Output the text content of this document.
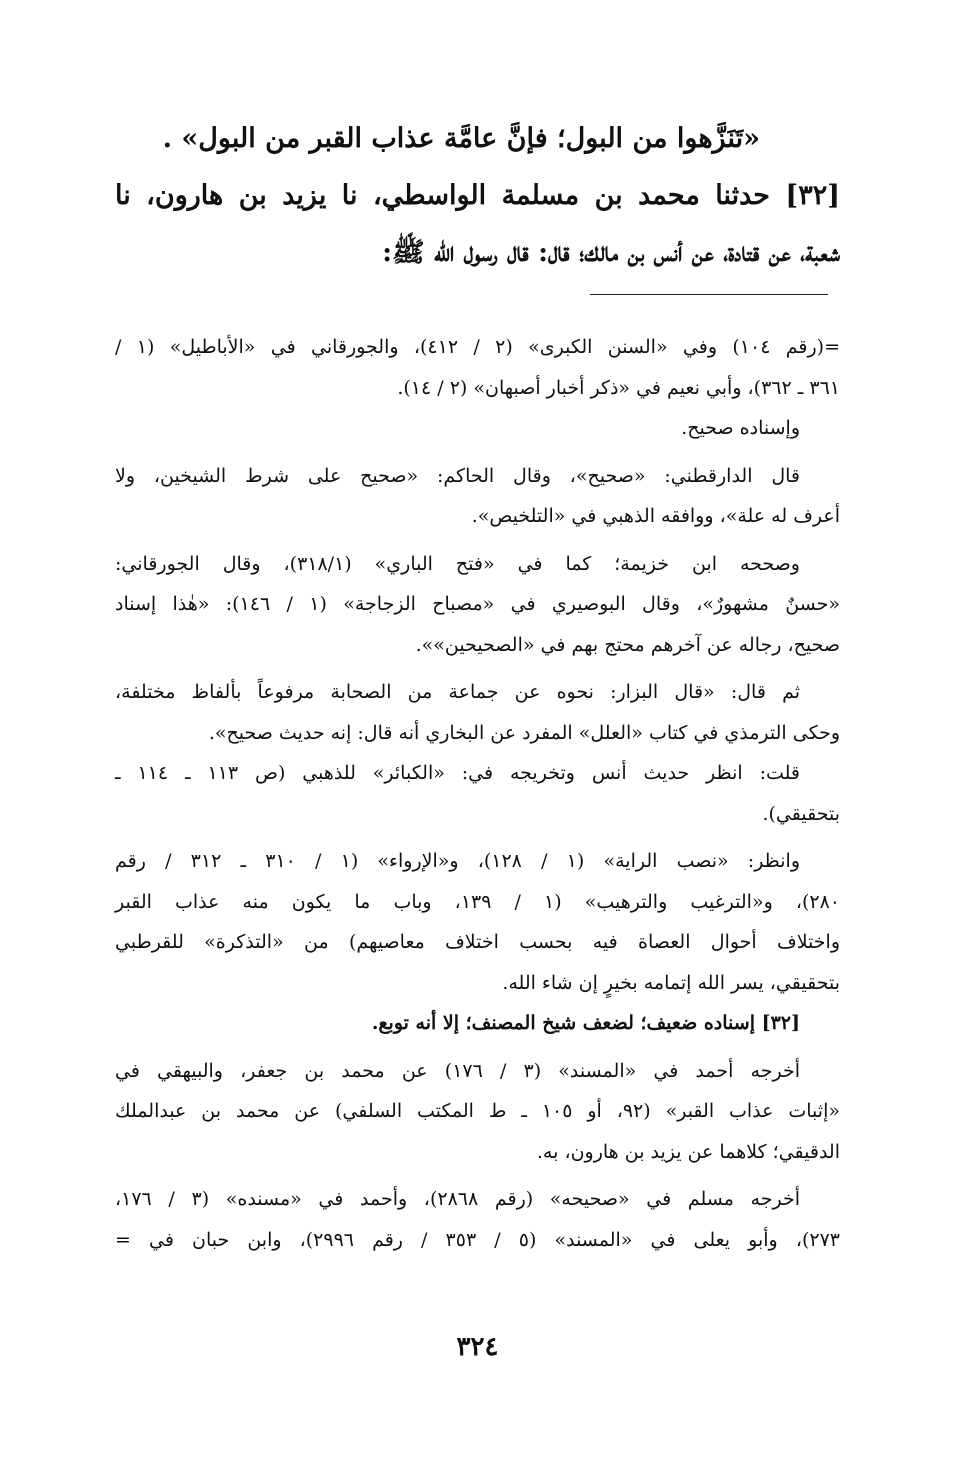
«تَنَزَّهوا من البول؛ فإنَّ عامَّة عذاب القبر من البول» .
[٣٢] حدثنا محمد بن مسلمة الواسطي، نا يزيد بن هارون، نا
شعبة، عن قتادة، عن أنس بن مالك؛ قال: قال رسول الله ﷺ:
=(رقم ١٠٤) وفي «السنن الكبرى» (٢ / ٤١٢)، والجورقاني في «الأباطيل» (١ /
٣٦١ ـ ٣٦٢)، وأبي نعيم في «ذكر أخبار أصبهان» (٢ / ١٤).
وإسناده صحيح.
قال الدارقطني: «صحيح»، وقال الحاكم: «صحيح على شرط الشيخين، ولا
أعرف له علة»، ووافقه الذهبي في «التلخيص».
وصححه ابن خزيمة؛ كما في «فتح الباري» (٣١٨/١)، وقال الجورقاني:
«حسنٌ مشهورٌ»، وقال البوصيري في «مصباح الزجاجة» (١ / ١٤٦): «هٰذا إسناد
صحيح، رجاله عن آخرهم محتج بهم في «الصحيحين»».
ثم قال: «قال البزار: نحوه عن جماعة من الصحابة مرفوعاً بألفاظ مختلفة،
وحكى الترمذي في كتاب «العلل» المفرد عن البخاري أنه قال: إنه حديث صحيح».
قلت: انظر حديث أنس وتخريجه في: «الكبائر» للذهبي (ص ١١٣ ـ ١١٤ ـ
بتحقيقي).
وانظر: «نصب الراية» (١ / ١٢٨)، و«الإرواء» (١ / ٣١٠ ـ ٣١٢ / رقم
٢٨٠)، و«الترغيب والترهيب» (١ / ١٣٩، وباب ما يكون منه عذاب القبر
واختلاف أحوال العصاة فيه بحسب اختلاف معاصيهم) من «التذكرة» للقرطبي
بتحقيقي، يسر الله إتمامه بخيرٍ إن شاء الله.
[٣٢] إسناده ضعيف؛ لضعف شيخ المصنف؛ إلا أنه توبع.
أخرجه أحمد في «المسند» (٣ / ١٧٦) عن محمد بن جعفر، والبيهقي في
«إثبات عذاب القبر» (٩٢، أو ١٠٥ ـ ط المكتب السلفي) عن محمد بن عبدالملك
الدقيقي؛ كلاهما عن يزيد بن هارون، به.
أخرجه مسلم في «صحيحه» (رقم ٢٨٦٨)، وأحمد في «مسنده» (٣ / ١٧٦،
٢٧٣)، وأبو يعلى في «المسند» (٥ / ٣٥٣ / رقم ٢٩٩٦)، وابن حبان في =
٣٢٤
